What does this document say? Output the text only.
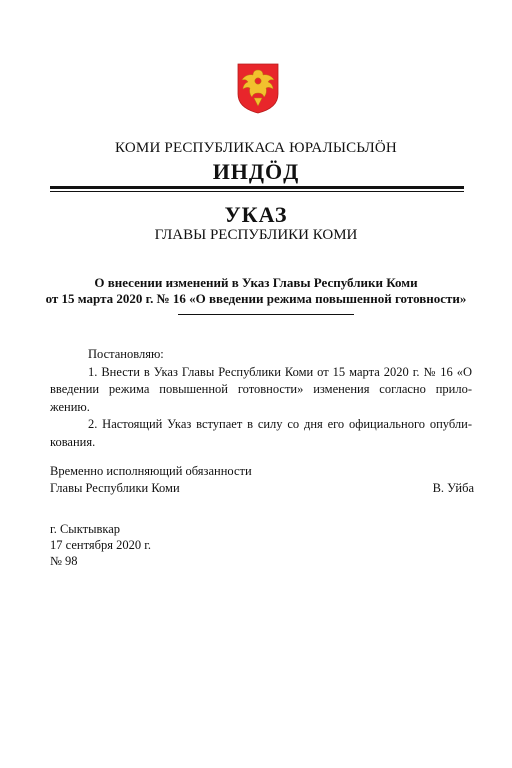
КОМИ РЕСПУБЛИКАСА ЮРАЛЫСЬЛÖН
ИНДÖД
УКАЗ
ГЛАВЫ РЕСПУБЛИКИ КОМИ
О внесении изменений в Указ Главы Республики Коми
от 15 марта 2020 г. № 16 «О введении режима повышенной готовности»
Постановляю:
1. Внести в Указ Главы Республики Коми от 15 марта 2020 г. № 16 «О
введении режима повышенной готовности» изменения согласно прило-
жению.
2. Настоящий Указ вступает в силу со дня его официального опубли-
кования.
Временно исполняющий обязанности
Главы Республики Коми	В. Уйба
г. Сыктывкар
17 сентября 2020 г.
№ 98
